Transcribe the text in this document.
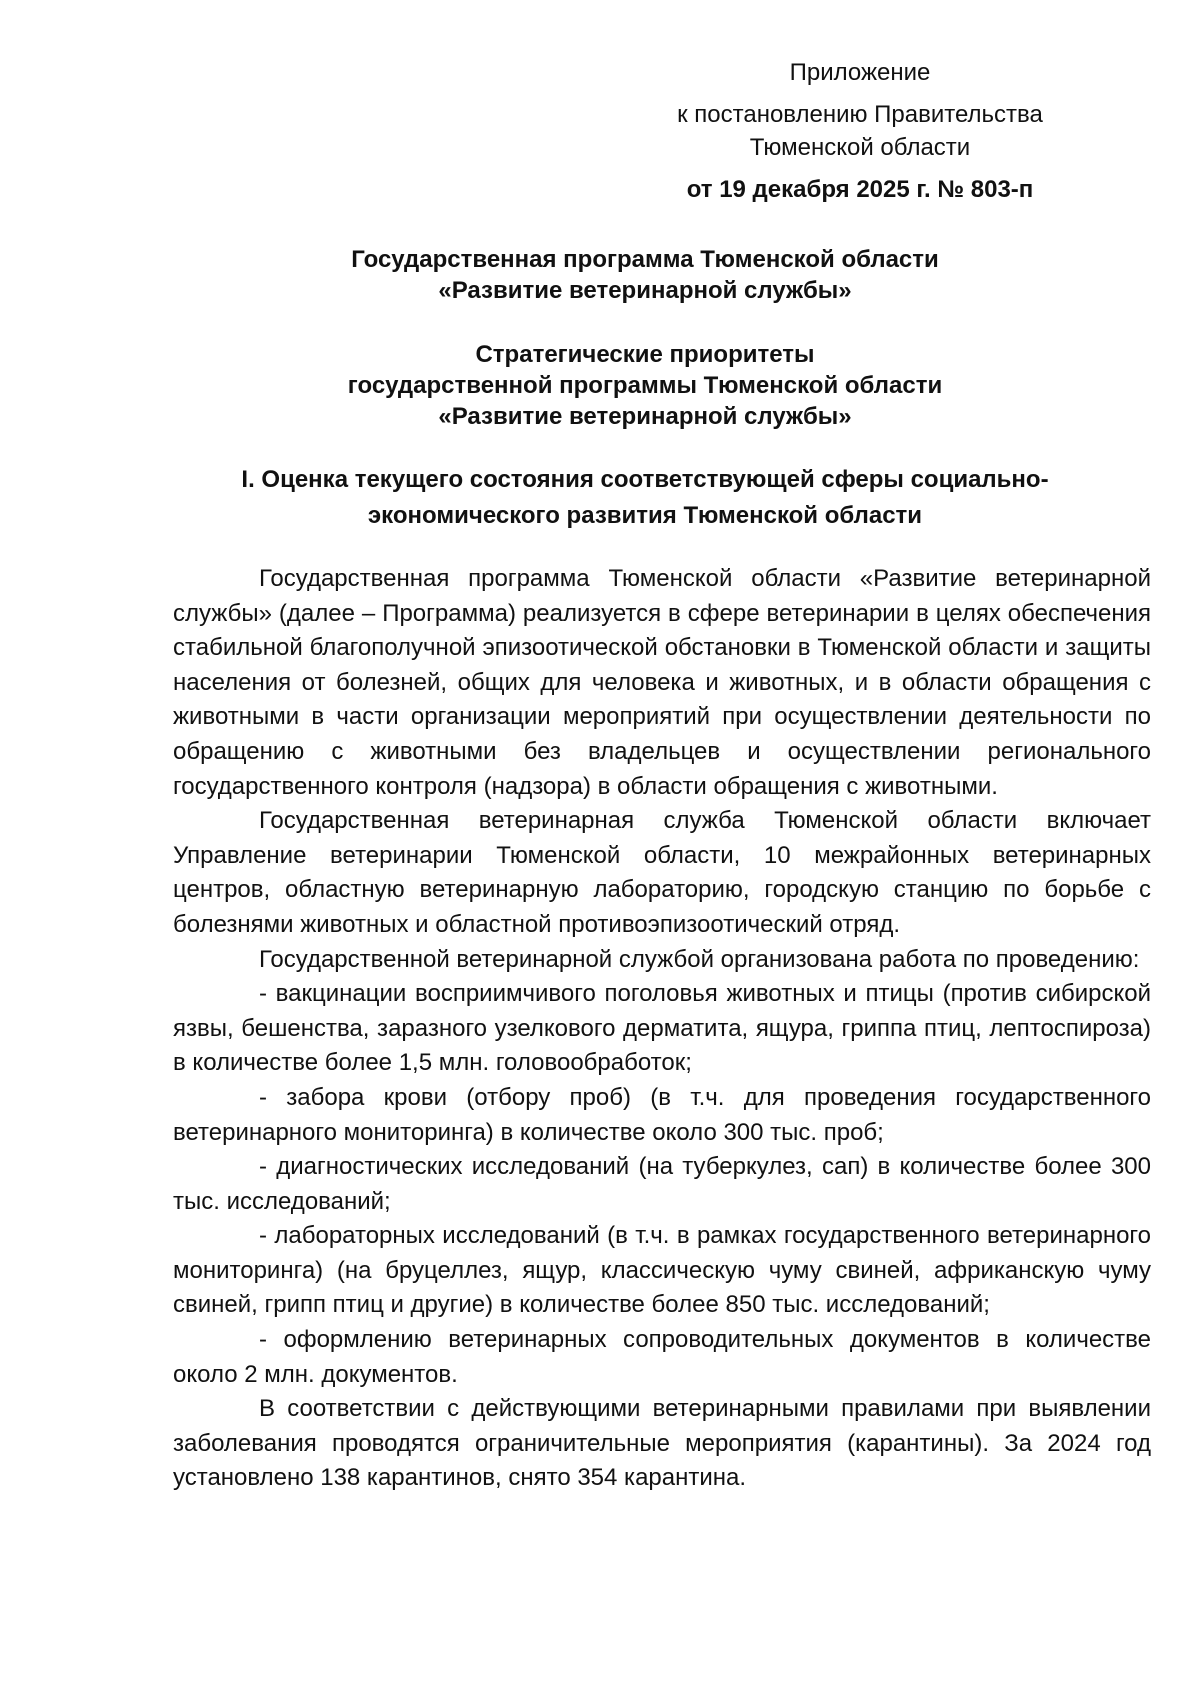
Приложение
к постановлению Правительства
Тюменской области
от 19 декабря 2025 г. № 803-п
Государственная программа Тюменской области
«Развитие ветеринарной службы»
Стратегические приоритеты
государственной программы Тюменской области
«Развитие ветеринарной службы»
I. Оценка текущего состояния соответствующей сферы социально-
экономического развития Тюменской области

Государственная программа Тюменской области «Развитие ветеринарной службы» (далее – Программа) реализуется в сфере ветеринарии в целях обеспечения стабильной благополучной эпизоотической обстановки в Тюменской области и защиты населения от болезней, общих для человека и животных, и в области обращения с животными в части организации мероприятий при осуществлении деятельности по обращению с животными без владельцев и осуществлении регионального государственного контроля (надзора) в области обращения с животными.

Государственная ветеринарная служба Тюменской области включает Управление ветеринарии Тюменской области, 10 межрайонных ветеринарных центров, областную ветеринарную лабораторию, городскую станцию по борьбе с болезнями животных и областной противоэпизоотический отряд.

Государственной ветеринарной службой организована работа по проведению:

- вакцинации восприимчивого поголовья животных и птицы (против сибирской язвы, бешенства, заразного узелкового дерматита, ящура, гриппа птиц, лептоспироза) в количестве более 1,5 млн. головообработок;

- забора крови (отбору проб) (в т.ч. для проведения государственного ветеринарного мониторинга) в количестве около 300 тыс. проб;

- диагностических исследований (на туберкулез, сап) в количестве более 300 тыс. исследований;

- лабораторных исследований (в т.ч. в рамках государственного ветеринарного мониторинга) (на бруцеллез, ящур, классическую чуму свиней, африканскую чуму свиней, грипп птиц и другие) в количестве более 850 тыс. исследований;

- оформлению ветеринарных сопроводительных документов в количестве около 2 млн. документов.

В соответствии с действующими ветеринарными правилами при выявлении заболевания проводятся ограничительные мероприятия (карантины). За 2024 год установлено 138 карантинов, снято 354 карантина.
